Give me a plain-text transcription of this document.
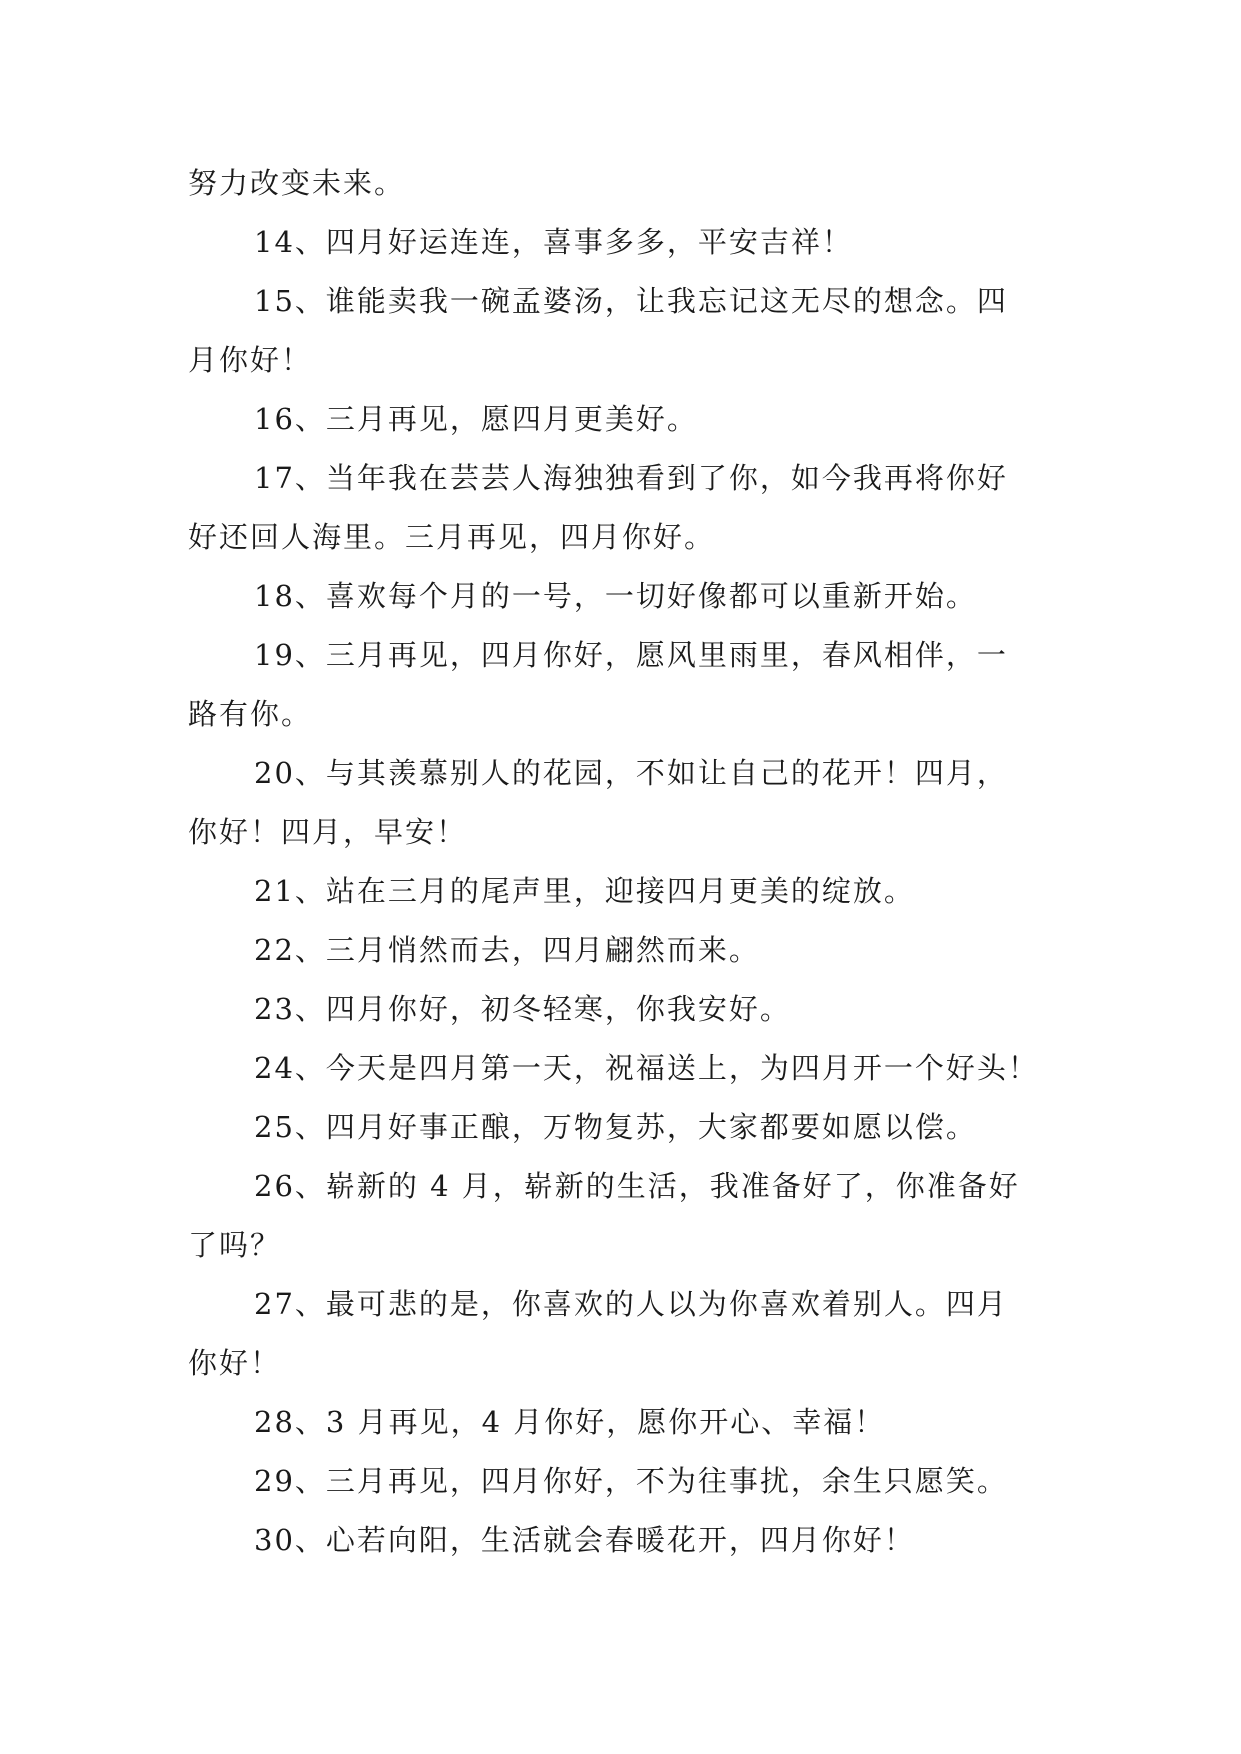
努力改变未来。

14、四月好运连连，喜事多多，平安吉祥！

15、谁能卖我一碗孟婆汤，让我忘记这无尽的想念。四
月你好！

16、三月再见，愿四月更美好。

17、当年我在芸芸人海独独看到了你，如今我再将你好
好还回人海里。三月再见，四月你好。

18、喜欢每个月的一号，一切好像都可以重新开始。

19、三月再见，四月你好，愿风里雨里，春风相伴，一
路有你。

20、与其羡慕别人的花园，不如让自己的花开！四月，
你好！四月，早安！

21、站在三月的尾声里，迎接四月更美的绽放。

22、三月悄然而去，四月翩然而来。

23、四月你好，初冬轻寒，你我安好。

24、今天是四月第一天，祝福送上，为四月开一个好头！

25、四月好事正酿，万物复苏，大家都要如愿以偿。

26、崭新的 4 月，崭新的生活，我准备好了，你准备好
了吗？

27、最可悲的是，你喜欢的人以为你喜欢着别人。四月
你好！

28、3 月再见，4 月你好，愿你开心、幸福！

29、三月再见，四月你好，不为往事扰，余生只愿笑。

30、心若向阳，生活就会春暖花开，四月你好！
